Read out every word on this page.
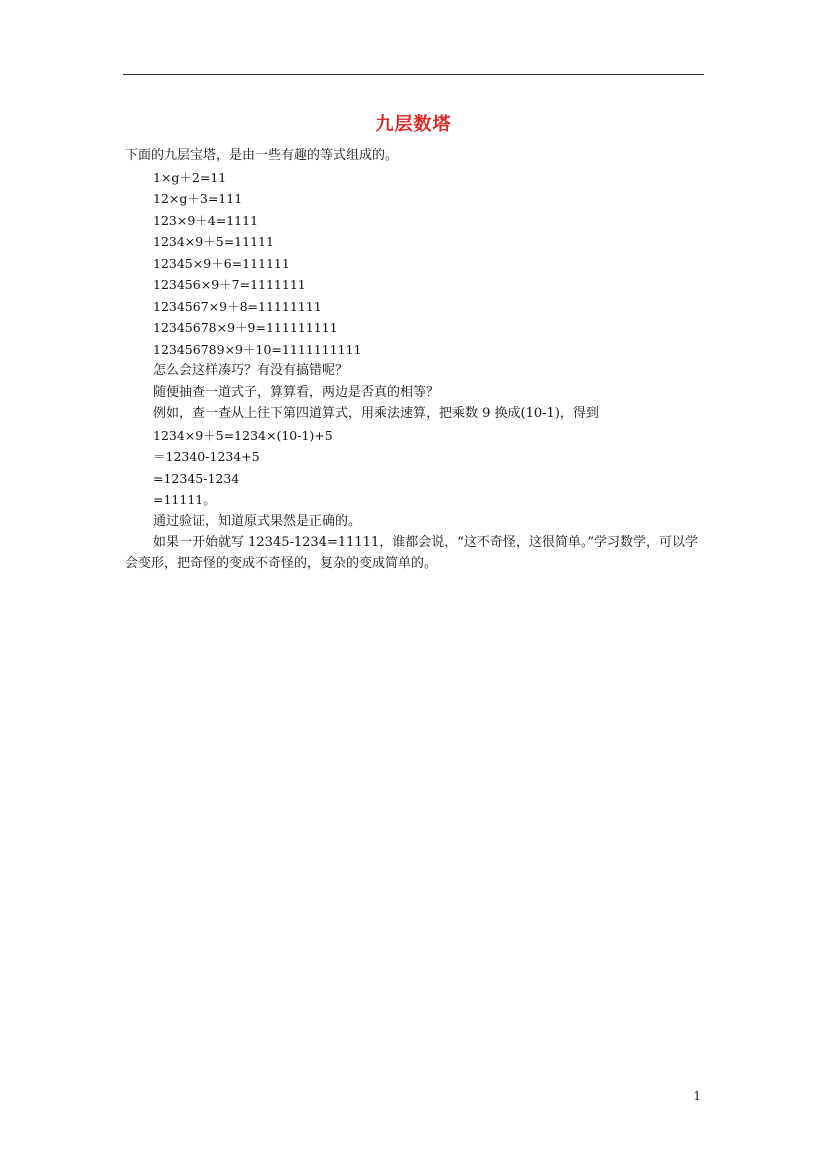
九层数塔
下面的九层宝塔，是由一些有趣的等式组成的。
1×g＋2=11
12×g＋3=111
123×9＋4=1111
1234×9＋5=11111
12345×9＋6=111111
123456×9＋7=1111111
1234567×9＋8=11111111
12345678×9＋9=111111111
123456789×9＋10=1111111111
怎么会这样凑巧？有没有搞错呢？
随便抽查一道式子，算算看，两边是否真的相等？
例如，查一查从上往下第四道算式，用乘法速算，把乘数 9 换成(10-1)，得到
1234×9＋5=1234×(10-1)+5
＝12340-1234+5
=12345-1234
=11111。
通过验证，知道原式果然是正确的。
如果一开始就写 12345-1234=11111，谁都会说，“这不奇怪，这很简单。”学习数学，可以学会变形，把奇怪的变成不奇怪的，复杂的变成简单的。
1
